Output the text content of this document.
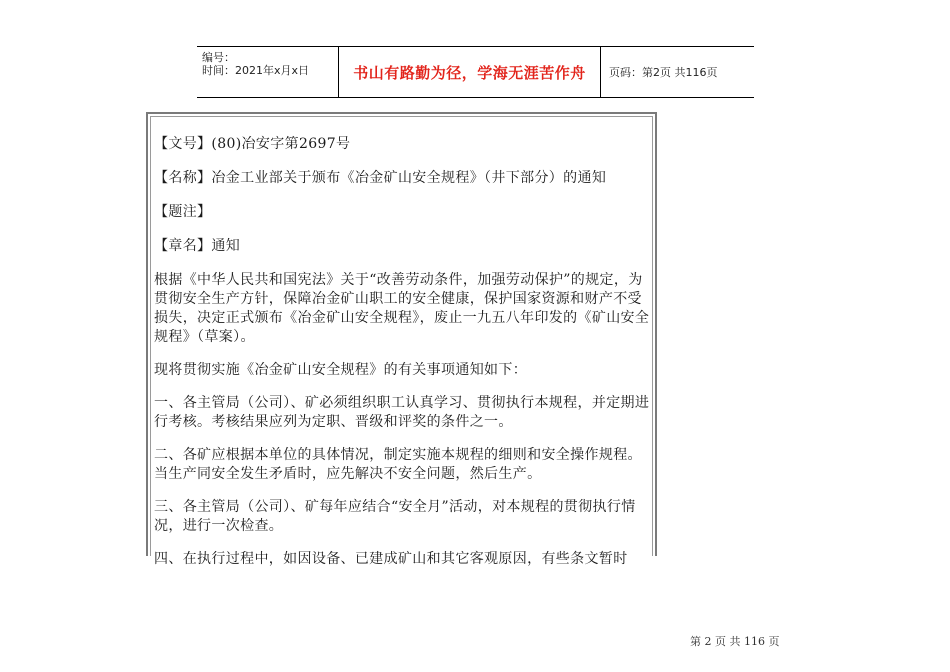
编号：
时间：2021年x月x日	书山有路勤为径，学海无涯苦作舟	页码：第2页 共116页

【文号】(80)冶安字第2697号

【名称】冶金工业部关于颁布《冶金矿山安全规程》（井下部分）的通知

【题注】

【章名】通知

根据《中华人民共和国宪法》关于“改善劳动条件，加强劳动保护”的规定，为贯彻安全生产方针，保障冶金矿山职工的安全健康，保护国家资源和财产不受损失，决定正式颁布《冶金矿山安全规程》，废止一九五八年印发的《矿山安全规程》（草案）。

现将贯彻实施《冶金矿山安全规程》的有关事项通知如下：

一、各主管局（公司）、矿必须组织职工认真学习、贯彻执行本规程，并定期进行考核。考核结果应列为定职、晋级和评奖的条件之一。

二、各矿应根据本单位的具体情况，制定实施本规程的细则和安全操作规程。当生产同安全发生矛盾时，应先解决不安全问题，然后生产。

三、各主管局（公司）、矿每年应结合“安全月”活动，对本规程的贯彻执行情况，进行一次检查。

四、在执行过程中，如因设备、已建成矿山和其它客观原因，有些条文暂时

第 2 页 共 116 页
